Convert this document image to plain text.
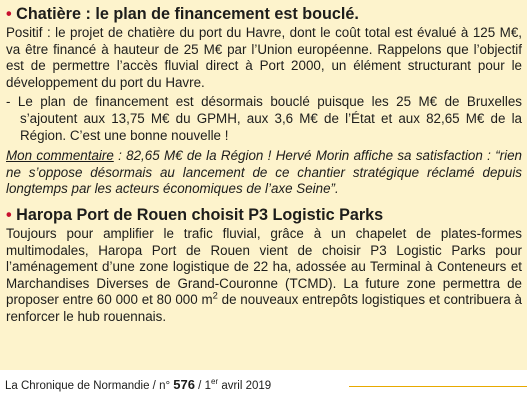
• Chatière : le plan de financement est bouclé.

Positif : le projet de chatière du port du Havre, dont le coût total est évalué à 125 M€, va être financé à hauteur de 25 M€ par l’Union européenne. Rappelons que l’objectif est de permettre l’accès fluvial direct à Port 2000, un élément structurant pour le développement du port du Havre.

- Le plan de financement est désormais bouclé puisque les 25 M€ de Bruxelles s’ajoutent aux 13,75 M€ du GPMH, aux 3,6 M€ de l’État et aux 82,65 M€ de la Région. C’est une bonne nouvelle !

Mon commentaire : 82,65 M€ de la Région ! Hervé Morin affiche sa satisfaction : “rien ne s’oppose désormais au lancement de ce chantier stratégique réclamé depuis longtemps par les acteurs économiques de l’axe Seine”.

• Haropa Port de Rouen choisit P3 Logistic Parks

Toujours pour amplifier le trafic fluvial, grâce à un chapelet de plates-formes multimodales, Haropa Port de Rouen vient de choisir P3 Logistic Parks pour l’aménagement d’une zone logistique de 22 ha, adossée au Terminal à Conteneurs et Marchandises Diverses de Grand-Couronne (TCMD). La future zone permettra de proposer entre 60 000 et 80 000 $m^2$ de nouveaux entrepôts logistiques et contribuera à renforcer le hub rouennais.

La Chronique de Normandie / n° 576 / 1er avril 2019
